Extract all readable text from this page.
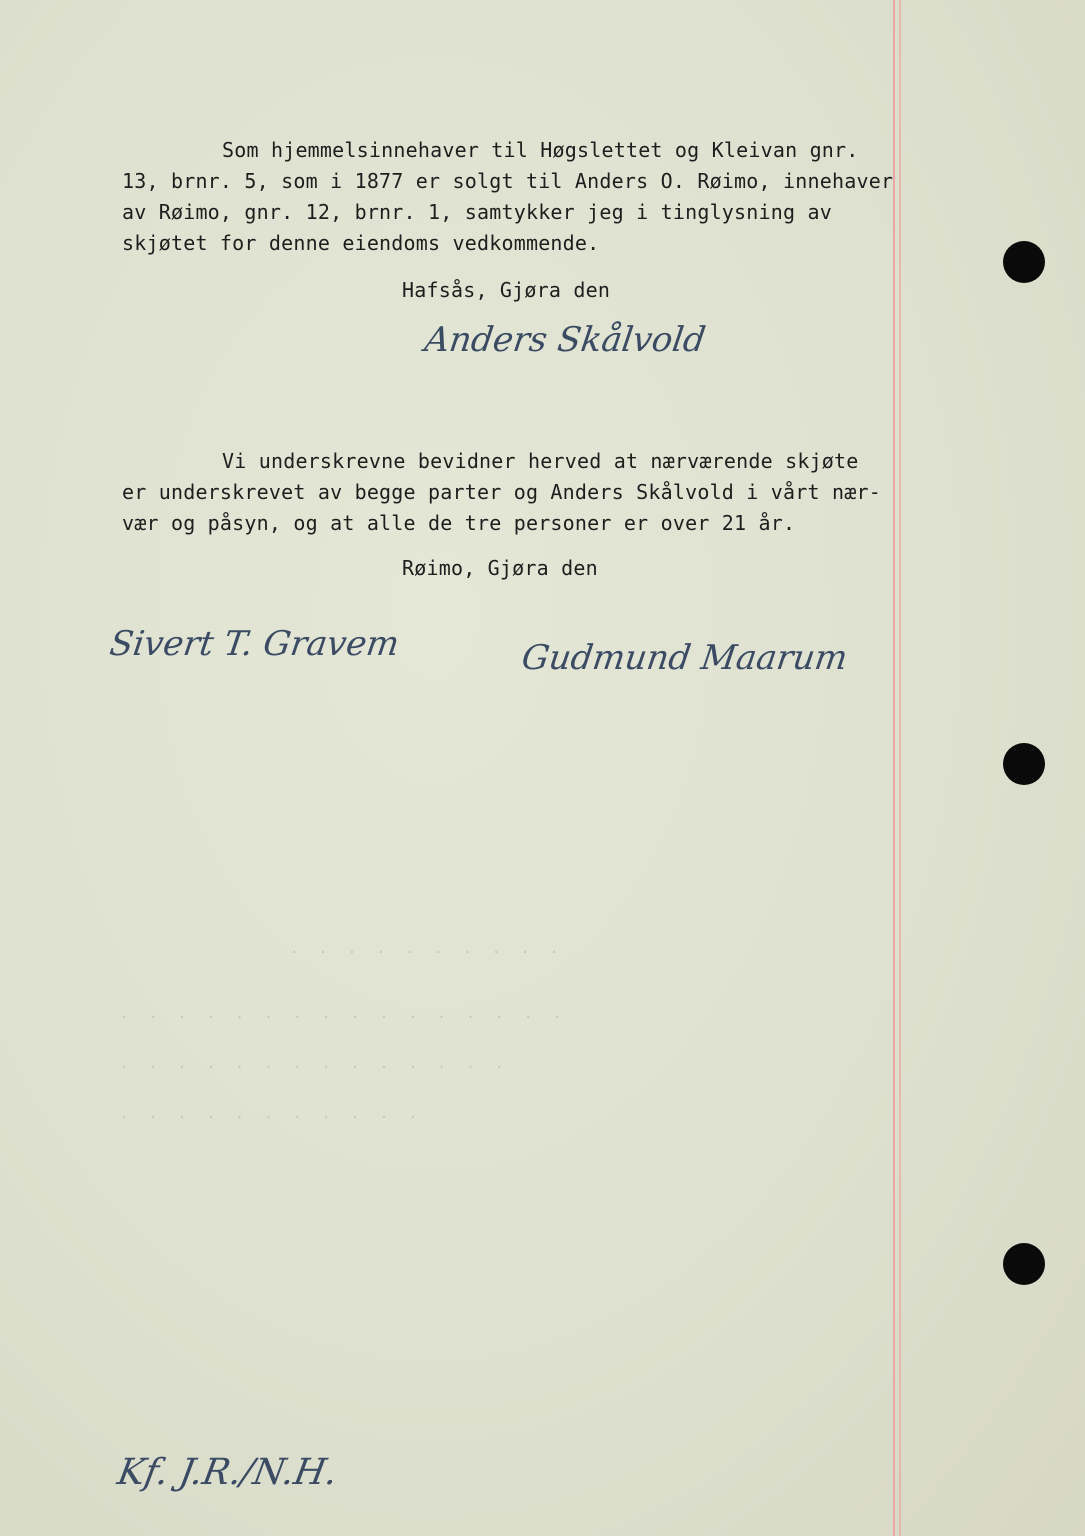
· · · · · · · · · ·
· · · · · · · · · · · · · · · ·
· · · · · · · · · · · · · ·
· · · · · · · · · · ·
Som hjemmelsinnehaver til Høgslettet og Kleivan gnr.
13, brnr. 5, som i 1877 er solgt til Anders O. Røimo, innehaver
av Røimo, gnr. 12, brnr. 1, samtykker jeg i tinglysning av
skjøtet for denne eiendoms vedkommende.
Hafsås, Gjøra den
Anders Skålvold
Vi underskrevne bevidner herved at nærværende skjøte
er underskrevet av begge parter og Anders Skålvold i vårt nær-
vær og påsyn, og at alle de tre personer er over 21 år.
Røimo, Gjøra den
Sivert T. Gravem	Gudmund Maarum
Kf. J.R./N.H.
